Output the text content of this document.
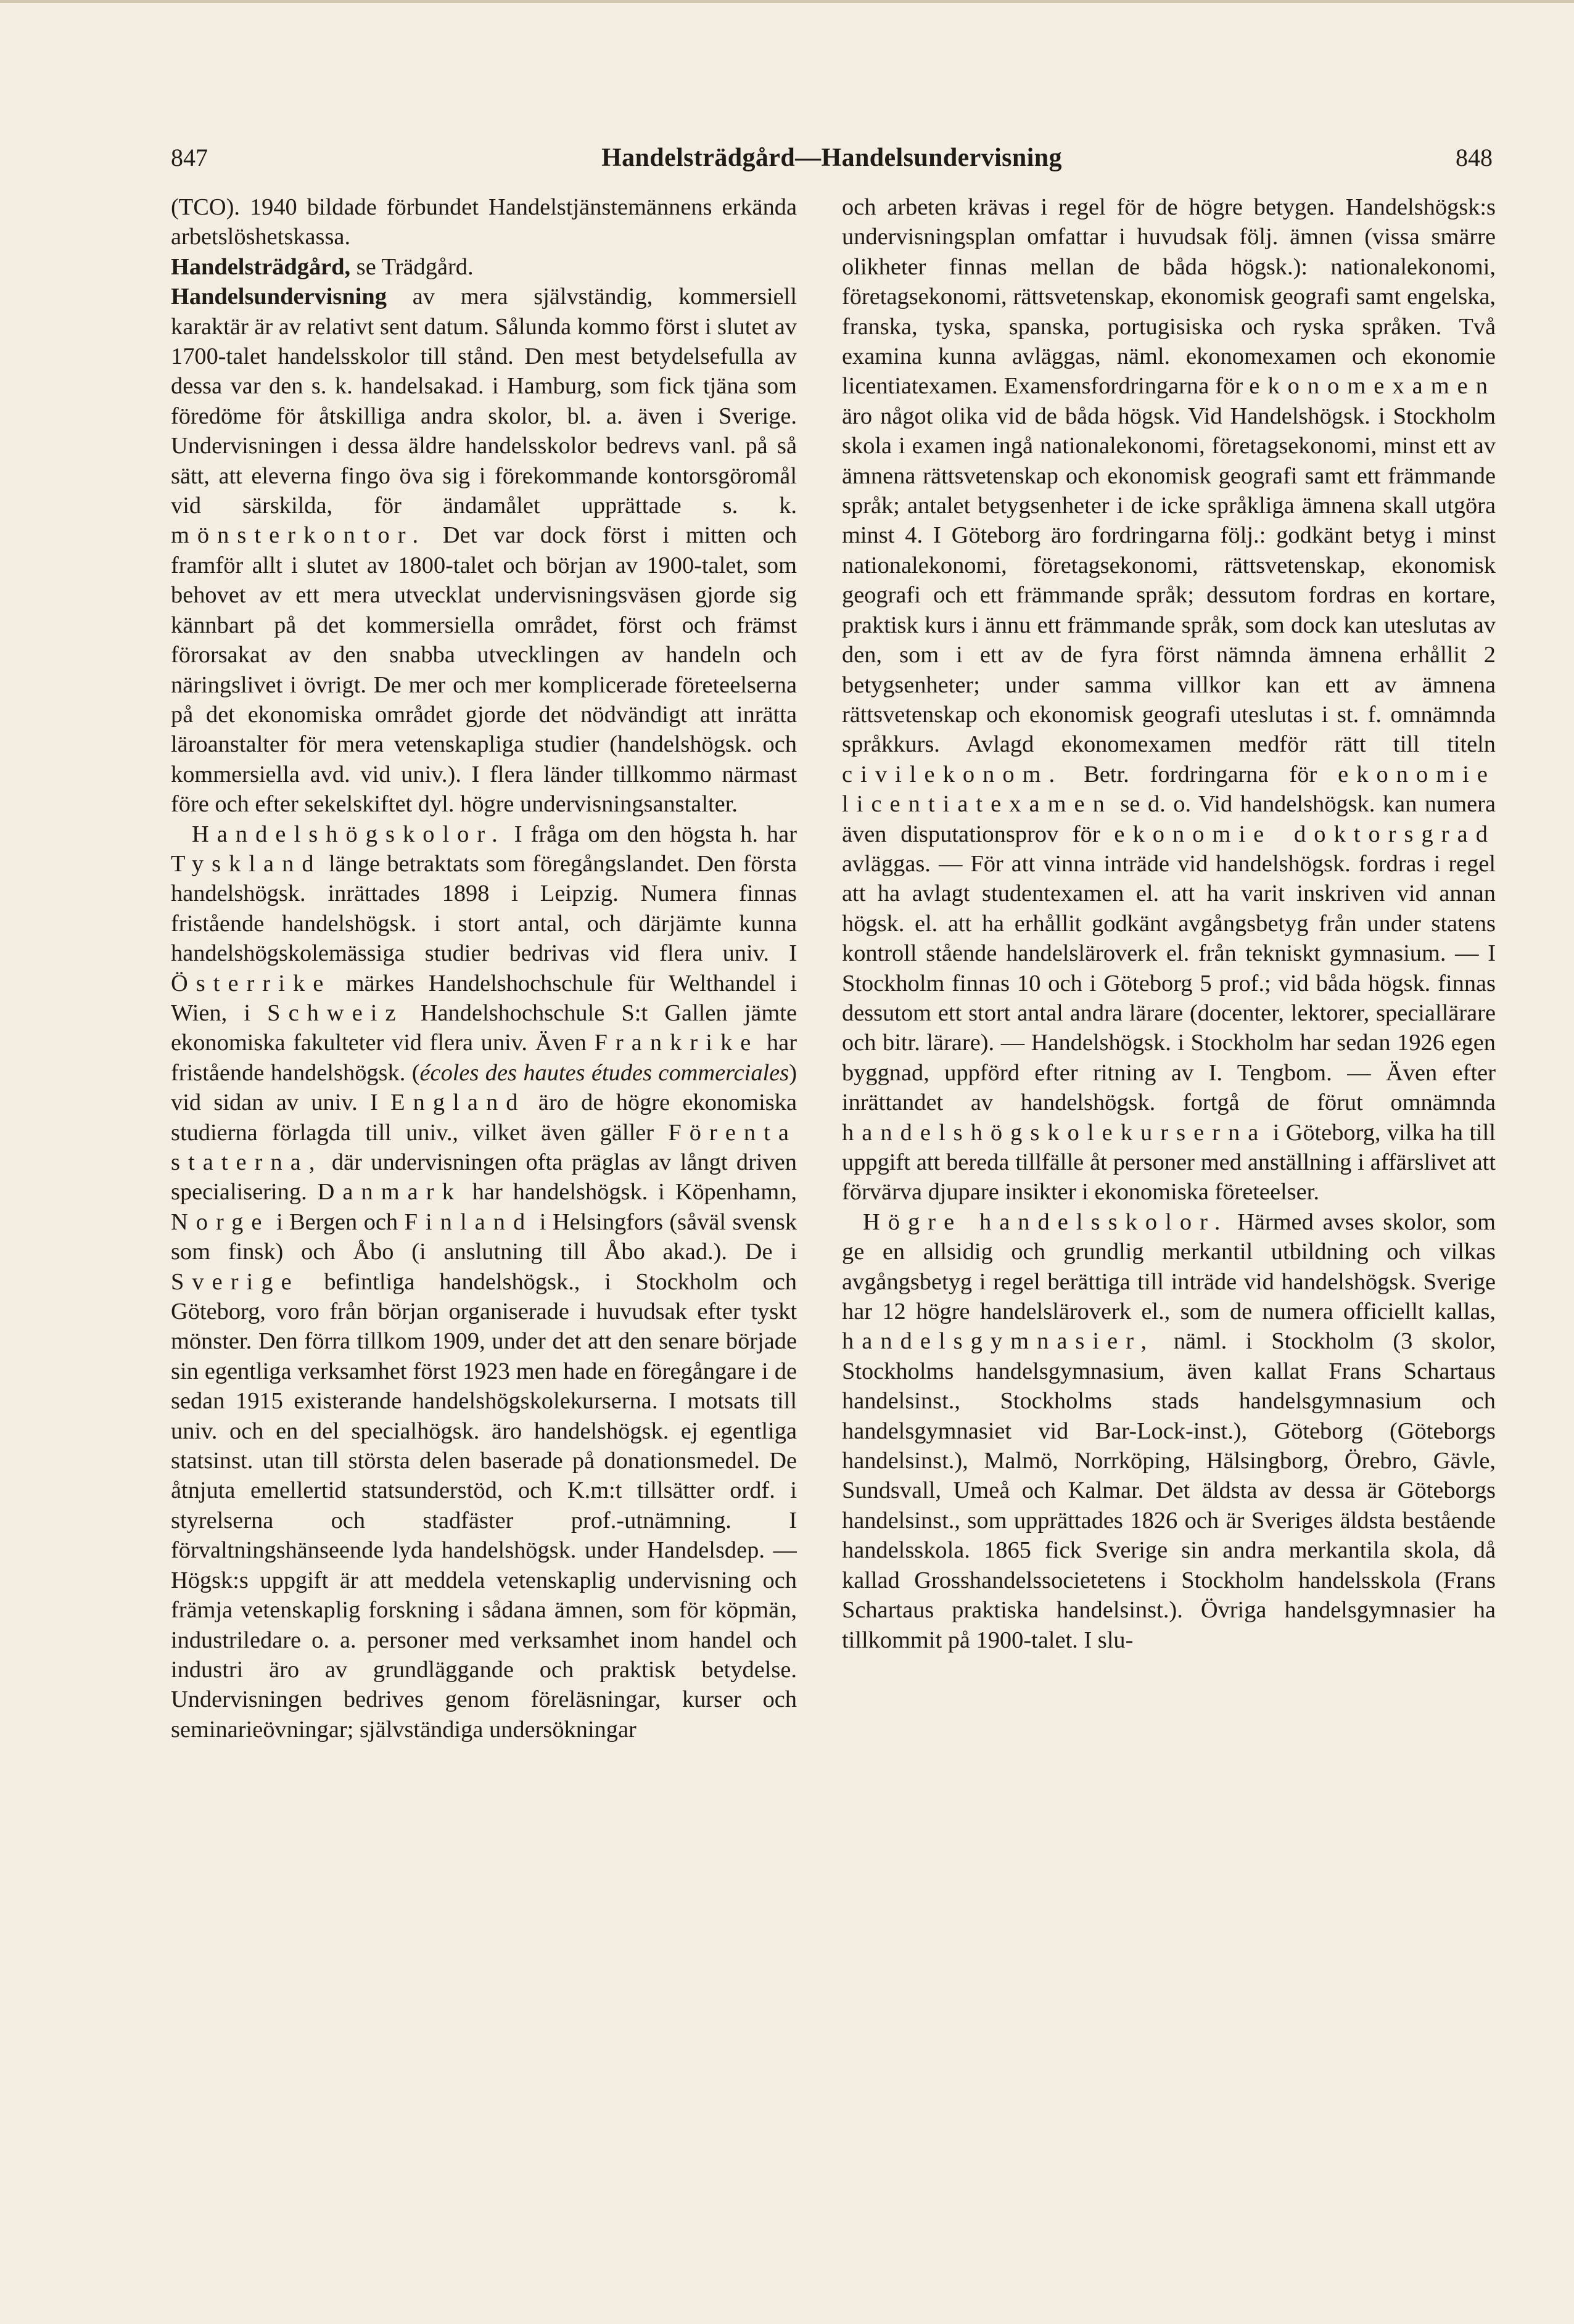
847	Handelsträdgård—Handelsundervisning	848

(TCO). 1940 bildade förbundet Handelstjänstemännens erkända arbetslöshetskassa.

Handelsträdgård, se Trädgård.

Handelsundervisning av mera självständig, kommersiell karaktär är av relativt sent datum. Sålunda kommo först i slutet av 1700-talet handelsskolor till stånd. Den mest betydelsefulla av dessa var den s. k. handelsakad. i Hamburg, som fick tjäna som föredöme för åtskilliga andra skolor, bl. a. även i Sverige. Undervisningen i dessa äldre handelsskolor bedrevs vanl. på så sätt, att eleverna fingo öva sig i förekommande kontorsgöromål vid särskilda, för ändamålet upprättade s. k. mönsterkontor. Det var dock först i mitten och framför allt i slutet av 1800-talet och början av 1900-talet, som behovet av ett mera utvecklat undervisningsväsen gjorde sig kännbart på det kommersiella området, först och främst förorsakat av den snabba utvecklingen av handeln och näringslivet i övrigt. De mer och mer komplicerade företeelserna på det ekonomiska området gjorde det nödvändigt att inrätta läroanstalter för mera vetenskapliga studier (handelshögsk. och kommersiella avd. vid univ.). I flera länder tillkommo närmast före och efter sekelskiftet dyl. högre undervisningsanstalter.

Handelshögskolor. I fråga om den högsta h. har Tyskland länge betraktats som föregångslandet. Den första handelshögsk. inrättades 1898 i Leipzig. Numera finnas fristående handelshögsk. i stort antal, och därjämte kunna handelshögskolemässiga studier bedrivas vid flera univ. I Österrike märkes Handelshochschule für Welthandel i Wien, i Schweiz Handelshochschule S:t Gallen jämte ekonomiska fakulteter vid flera univ. Även Frankrike har fristående handelshögsk. (écoles des hautes études commerciales) vid sidan av univ. I England äro de högre ekonomiska studierna förlagda till univ., vilket även gäller Förenta staterna, där undervisningen ofta präglas av långt driven specialisering. Danmark har handelshögsk. i Köpenhamn, Norge i Bergen och Finland i Helsingfors (såväl svensk som finsk) och Åbo (i anslutning till Åbo akad.). De i Sverige befintliga handelshögsk., i Stockholm och Göteborg, voro från början organiserade i huvudsak efter tyskt mönster. Den förra tillkom 1909, under det att den senare började sin egentliga verksamhet först 1923 men hade en föregångare i de sedan 1915 existerande handelshögskolekurserna. I motsats till univ. och en del specialhögsk. äro handelshögsk. ej egentliga statsinst. utan till största delen baserade på donationsmedel. De åtnjuta emellertid statsunderstöd, och K.m:t tillsätter ordf. i styrelserna och stadfäster prof.-utnämning. I förvaltningshänseende lyda handelshögsk. under Handelsdep. — Högsk:s uppgift är att meddela vetenskaplig undervisning och främja vetenskaplig forskning i sådana ämnen, som för köpmän, industriledare o. a. personer med verksamhet inom handel och industri äro av grundläggande och praktisk betydelse. Undervisningen bedrives genom föreläsningar, kurser och seminarieövningar; självständiga undersökningar

och arbeten krävas i regel för de högre betygen. Handelshögsk:s undervisningsplan omfattar i huvudsak följ. ämnen (vissa smärre olikheter finnas mellan de båda högsk.): nationalekonomi, företagsekonomi, rättsvetenskap, ekonomisk geografi samt engelska, franska, tyska, spanska, portugisiska och ryska språken. Två examina kunna avläggas, näml. ekonomexamen och ekonomie licentiatexamen. Examensfordringarna för ekonomexamen äro något olika vid de båda högsk. Vid Handelshögsk. i Stockholm skola i examen ingå nationalekonomi, företagsekonomi, minst ett av ämnena rättsvetenskap och ekonomisk geografi samt ett främmande språk; antalet betygsenheter i de icke språkliga ämnena skall utgöra minst 4. I Göteborg äro fordringarna följ.: godkänt betyg i minst nationalekonomi, företagsekonomi, rättsvetenskap, ekonomisk geografi och ett främmande språk; dessutom fordras en kortare, praktisk kurs i ännu ett främmande språk, som dock kan uteslutas av den, som i ett av de fyra först nämnda ämnena erhållit 2 betygsenheter; under samma villkor kan ett av ämnena rättsvetenskap och ekonomisk geografi uteslutas i st. f. omnämnda språkkurs. Avlagd ekonomexamen medför rätt till titeln civilekonom. Betr. fordringarna för ekonomie licentiatexamen se d. o. Vid handelshögsk. kan numera även disputationsprov för ekonomie doktorsgrad avläggas. — För att vinna inträde vid handelshögsk. fordras i regel att ha avlagt studentexamen el. att ha varit inskriven vid annan högsk. el. att ha erhållit godkänt avgångsbetyg från under statens kontroll stående handelsläroverk el. från tekniskt gymnasium. — I Stockholm finnas 10 och i Göteborg 5 prof.; vid båda högsk. finnas dessutom ett stort antal andra lärare (docenter, lektorer, speciallärare och bitr. lärare). — Handelshögsk. i Stockholm har sedan 1926 egen byggnad, uppförd efter ritning av I. Tengbom. — Även efter inrättandet av handelshögsk. fortgå de förut omnämnda handelshögskolekurserna i Göteborg, vilka ha till uppgift att bereda tillfälle åt personer med anställning i affärslivet att förvärva djupare insikter i ekonomiska företeelser.

Högre handelsskolor. Härmed avses skolor, som ge en allsidig och grundlig merkantil utbildning och vilkas avgångsbetyg i regel berättiga till inträde vid handelshögsk. Sverige har 12 högre handelsläroverk el., som de numera officiellt kallas, handelsgymnasier, näml. i Stockholm (3 skolor, Stockholms handelsgymnasium, även kallat Frans Schartaus handelsinst., Stockholms stads handelsgymnasium och handelsgymnasiet vid Bar-Lock-inst.), Göteborg (Göteborgs handelsinst.), Malmö, Norrköping, Hälsingborg, Örebro, Gävle, Sundsvall, Umeå och Kalmar. Det äldsta av dessa är Göteborgs handelsinst., som upprättades 1826 och är Sveriges äldsta bestående handelsskola. 1865 fick Sverige sin andra merkantila skola, då kallad Grosshandelssocietetens i Stockholm handelsskola (Frans Schartaus praktiska handelsinst.). Övriga handelsgymnasier ha tillkommit på 1900-talet. I slu-
